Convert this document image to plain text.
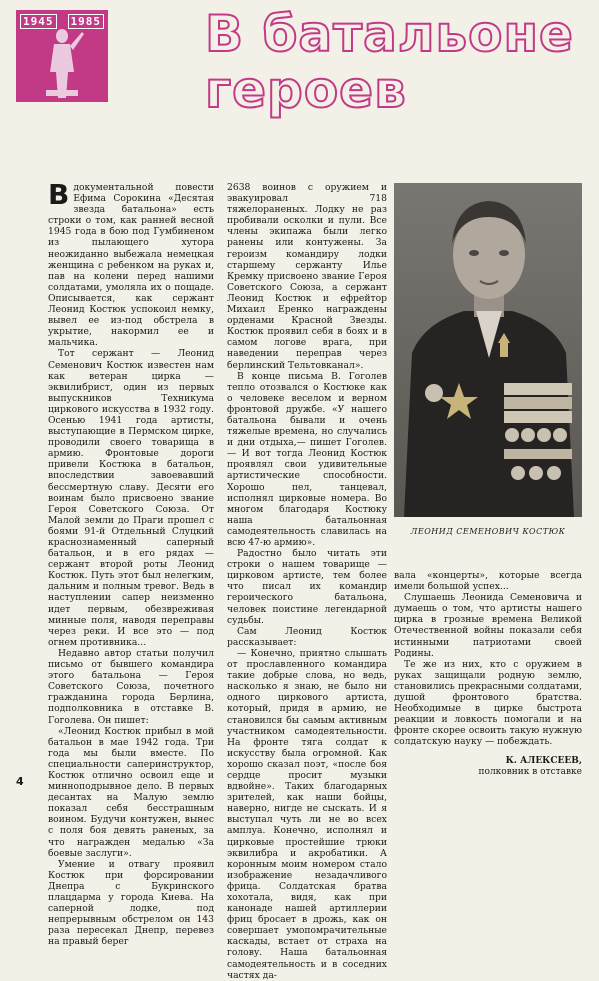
1945 1985 В батальоне
героев

Вдокументальной повести Ефима Сорокина «Десятая звезда батальона» есть строки о том, как ранней весной 1945 года в бою под Гумбиненом из пылающего хутора неожиданно выбежала немецкая женщина с ребенком на руках и, пав на колени перед нашими солдатами, умоляла их о пощаде. Описывается, как сержант Леонид Костюк успокоил немку, вывел ее из-под обстрела в укрытие, накормил ее и мальчика.

Тот сержант — Леонид Семенович Костюк известен нам как ветеран цирка — эквилибрист, один из первых выпускников Техникума циркового искусства в 1932 году. Осенью 1941 года артисты, выступающие в Пермском цирке, проводили своего товарища в армию. Фронтовые дороги привели Костюка в батальон, впоследствии завоевавший бессмертную славу. Десяти его воинам было присвоено звание Героя Советского Союза. От Малой земли до Праги прошел с боями 91-й Отдельный Слуцкий краснознаменный саперный батальон, и в его рядах — сержант второй роты Леонид Костюк. Путь этот был нелегким, дальним и полным тревог. Ведь в наступлении сапер неизменно идет первым, обезвреживая минные поля, наводя переправы через реки. И все это — под огнем противника...

Недавно автор статьи получил письмо от бывшего командира этого батальона — Героя Советского Союза, почетного гражданина города Берлина, подполковника в отставке В. Гоголева. Он пишет:

«Леонид Костюк прибыл в мой батальон в мае 1942 года. Три года мы были вместе. По специальности саперинструктор, Костюк отлично освоил еще и минноподрывное дело. В первых десантах на Малую землю показал себя бесстрашным воином. Будучи контужен, вынес с поля боя девять раненых, за что награжден медалью «За боевые заслуги».

Умение и отвагу проявил Костюк при форсировании Днепра с Букринского плацдарма у города Киева. На саперной лодке, под непрерывным обстрелом он 143 раза пересекал Днепр, перевез на правый берег

2638 воинов с оружием и эвакуировал 718 тяжелораненых. Лодку не раз пробивали осколки и пули. Все члены экипажа были легко ранены или контужены. За героизм командиру лодки старшему сержанту Илье Кремку присвоено звание Героя Советского Союза, а сержант Леонид Костюк и ефрейтор Михаил Еренко награждены орденами Красной Звезды. Костюк проявил себя в боях и в самом логове врага, при наведении переправ через берлинский Тельтовканал».

В конце письма В. Гоголев тепло отозвался о Костюке как о человеке веселом и верном фронтовой дружбе. «У нашего батальона бывали и очень тяжелые времена, но случались и дни отдыха,— пишет Гоголев.— И вот тогда Леонид Костюк проявлял свои удивительные артистические способности. Хорошо пел, танцевал, исполнял цирковые номера. Во многом благодаря Костюку наша батальонная самодеятельность славилась на всю 47-ю армию».

Радостно было читать эти строки о нашем товарище — цирковом артисте, тем более что писал их командир героического батальона, человек поистине легендарной судьбы.

Сам Леонид Костюк рассказывает:

— Конечно, приятно слышать от прославленного командира такие добрые слова, но ведь, насколько я знаю, не было ни одного циркового артиста, который, придя в армию, не становился бы самым активным участником самодеятельности. На фронте тяга солдат к искусству была огромной. Как хорошо сказал поэт, «после боя сердце просит музыки вдвойне». Таких благодарных зрителей, как наши бойцы, наверно, нигде не сыскать. И я выступал чуть ли не во всех амплуа. Конечно, исполнял и цирковые простейшие трюки эквилибра и акробатики. А коронным моим номером стало изображение незадачливого фрица. Солдатская братва хохотала, видя, как при канонаде нашей артиллерии фриц бросает в дрожь, как он совершает умопомрачительные каскады, встает от страха на голову. Наша батальонная самодеятельность и в соседних частях да-

ЛЕОНИД СЕМЕНОВИЧ КОСТЮК

вала «концерты», которые всегда имели большой успех...

Слушаешь Леонида Семеновича и думаешь о том, что артисты нашего цирка в грозные времена Великой Отечественной войны показали себя истинными патриотами своей Родины.

Те же из них, кто с оружием в руках защищали родную землю, становились прекрасными солдатами, душой фронтового братства. Необходимые в цирке быстрота реакции и ловкость помогали и на фронте скорее освоить такую нужную солдатскую науку — побеждать.

К. АЛЕКСЕЕВ,
полковник в отставке
4
